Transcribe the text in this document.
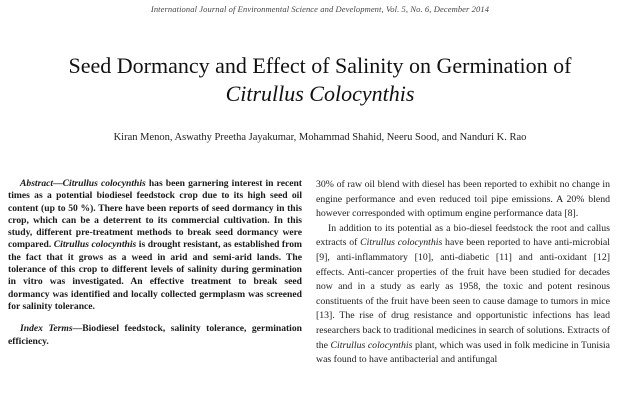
International Journal of Environmental Science and Development, Vol. 5, No. 6, December 2014
Seed Dormancy and Effect of Salinity on Germination of
Citrullus Colocynthis
Kiran Menon, Aswathy Preetha Jayakumar, Mohammad Shahid, Neeru Sood, and Nanduri K. Rao

Abstract—Citrullus colocynthis has been garnering interest in recent times as a potential biodiesel feedstock crop due to its high seed oil content (up to 50 %). There have been reports of seed dormancy in this crop, which can be a deterrent to its commercial cultivation. In this study, different pre-treatment methods to break seed dormancy were compared. Citrullus colocynthis is drought resistant, as established from the fact that it grows as a weed in arid and semi-arid lands. The tolerance of this crop to different levels of salinity during germination in vitro was investigated. An effective treatment to break seed dormancy was identified and locally collected germplasm was screened for salinity tolerance.

Index Terms—Biodiesel feedstock, salinity tolerance, germination efficiency.

30% of raw oil blend with diesel has been reported to exhibit no change in engine performance and even reduced toil pipe emissions. A 20% blend however corresponded with optimum engine performance data [8].

In addition to its potential as a bio-diesel feedstock the root and callus extracts of Citrullus colocynthis have been reported to have anti-microbial [9], anti-inflammatory [10], anti-diabetic [11] and anti-oxidant [12] effects. Anti-cancer properties of the fruit have been studied for decades now and in a study as early as 1958, the toxic and potent resinous constituents of the fruit have been seen to cause damage to tumors in mice [13]. The rise of drug resistance and opportunistic infections has lead researchers back to traditional medicines in search of solutions. Extracts of the Citrullus colocynthis plant, which was used in folk medicine in Tunisia was found to have antibacterial and antifungal
